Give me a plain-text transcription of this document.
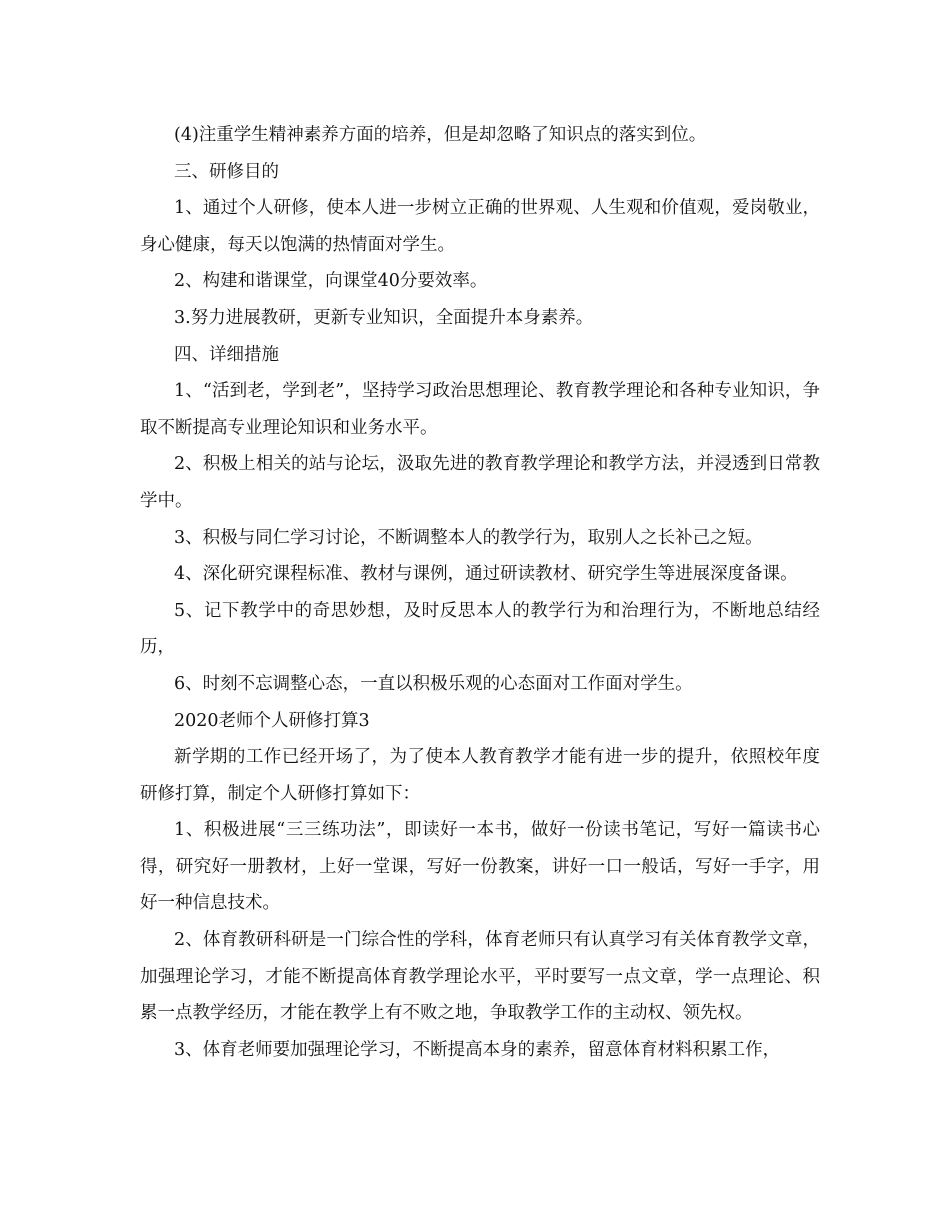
(4)注重学生精神素养方面的培养，但是却忽略了知识点的落实到位。

三、研修目的

1、通过个人研修，使本人进一步树立正确的世界观、人生观和价值观，爱岗敬业，身心健康，每天以饱满的热情面对学生。

2、构建和谐课堂，向课堂40分要效率。

3.努力进展教研，更新专业知识，全面提升本身素养。

四、详细措施

1、“活到老，学到老”，坚持学习政治思想理论、教育教学理论和各种专业知识，争取不断提高专业理论知识和业务水平。

2、积极上相关的站与论坛，汲取先进的教育教学理论和教学方法，并浸透到日常教学中。

3、积极与同仁学习讨论，不断调整本人的教学行为，取别人之长补己之短。

4、深化研究课程标准、教材与课例，通过研读教材、研究学生等进展深度备课。

5、记下教学中的奇思妙想，及时反思本人的教学行为和治理行为，不断地总结经历，

6、时刻不忘调整心态，一直以积极乐观的心态面对工作面对学生。

2020老师个人研修打算3

新学期的工作已经开场了，为了使本人教育教学才能有进一步的提升，依照校年度研修打算，制定个人研修打算如下：

1、积极进展“三三练功法”，即读好一本书，做好一份读书笔记，写好一篇读书心得，研究好一册教材，上好一堂课，写好一份教案，讲好一口一般话，写好一手字，用好一种信息技术。

2、体育教研科研是一门综合性的学科，体育老师只有认真学习有关体育教学文章，加强理论学习，才能不断提高体育教学理论水平，平时要写一点文章，学一点理论、积累一点教学经历，才能在教学上有不败之地，争取教学工作的主动权、领先权。

3、体育老师要加强理论学习，不断提高本身的素养，留意体育材料积累工作，
